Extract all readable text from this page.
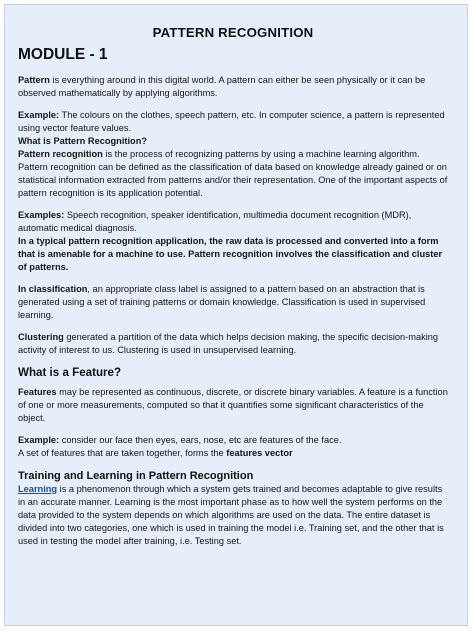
PATTERN RECOGNITION
MODULE - 1

Pattern is everything around in this digital world. A pattern can either be seen physically or it can be observed mathematically by applying algorithms.

Example: The colours on the clothes, speech pattern, etc. In computer science, a pattern is represented using vector feature values.

What is Pattern Recognition?

Pattern recognition is the process of recognizing patterns by using a machine learning algorithm. Pattern recognition can be defined as the classification of data based on knowledge already gained or on statistical information extracted from patterns and/or their representation. One of the important aspects of pattern recognition is its application potential.

Examples: Speech recognition, speaker identification, multimedia document recognition (MDR), automatic medical diagnosis.

In a typical pattern recognition application, the raw data is processed and converted into a form that is amenable for a machine to use. Pattern recognition involves the classification and cluster of patterns.

In classification, an appropriate class label is assigned to a pattern based on an abstraction that is generated using a set of training patterns or domain knowledge. Classification is used in supervised learning.

Clustering generated a partition of the data which helps decision making, the specific decision-making activity of interest to us. Clustering is used in unsupervised learning.

What is a Feature?

Features may be represented as continuous, discrete, or discrete binary variables. A feature is a function of one or more measurements, computed so that it quantifies some significant characteristics of the object.

Example: consider our face then eyes, ears, nose, etc are features of the face.

A set of features that are taken together, forms the features vector

Training and Learning in Pattern Recognition

Learning is a phenomenon through which a system gets trained and becomes adaptable to give results in an accurate manner. Learning is the most important phase as to how well the system performs on the data provided to the system depends on which algorithms are used on the data. The entire dataset is divided into two categories, one which is used in training the model i.e. Training set, and the other that is used in testing the model after training, i.e. Testing set.
